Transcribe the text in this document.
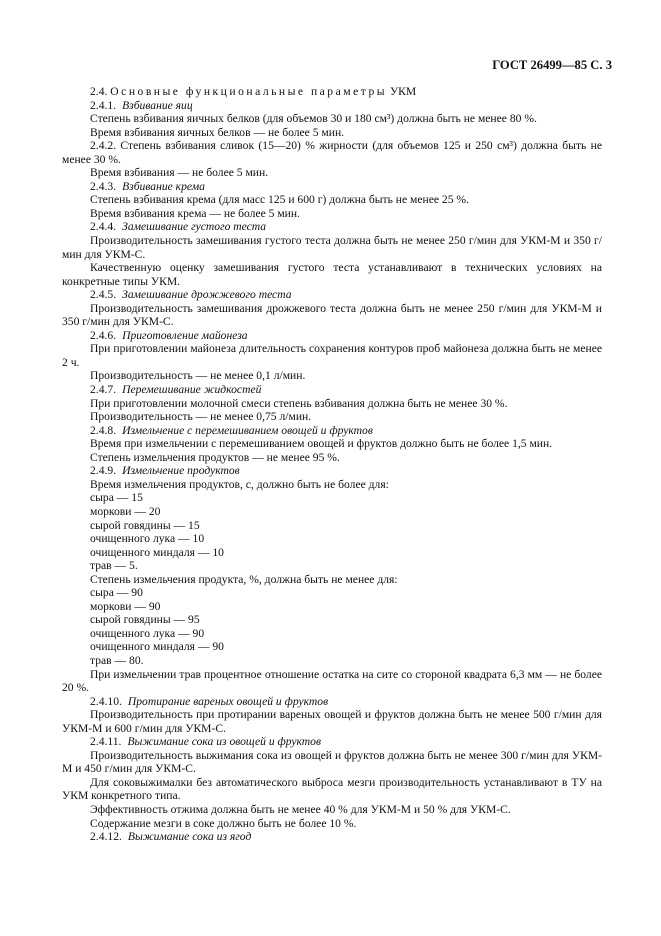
ГОСТ 26499—85 С. 3

2.4. Основные функциональные параметры УКМ

2.4.1. Взбивание яиц

Степень взбивания яичных белков (для объемов 30 и 180 см³) должна быть не менее 80 %.

Время взбивания яичных белков — не более 5 мин.

2.4.2. Степень взбивания сливок (15—20) % жирности (для объемов 125 и 250 см³) должна быть не менее 30 %.

Время взбивания — не более 5 мин.

2.4.3. Взбивание крема

Степень взбивания крема (для масс 125 и 600 г) должна быть не менее 25 %.

Время взбивания крема — не более 5 мин.

2.4.4. Замешивание густого теста

Производительность замешивания густого теста должна быть не менее 250 г/мин для УКМ-М и 350 г/мин для УКМ-С.

Качественную оценку замешивания густого теста устанавливают в технических условиях на конкретные типы УКМ.

2.4.5. Замешивание дрожжевого теста

Производительность замешивания дрожжевого теста должна быть не менее 250 г/мин для УКМ-М и 350 г/мин для УКМ-С.

2.4.6. Приготовление майонеза

При приготовлении майонеза длительность сохранения контуров проб майонеза должна быть не менее 2 ч.

Производительность — не менее 0,1 л/мин.

2.4.7. Перемешивание жидкостей

При приготовлении молочной смеси степень взбивания должна быть не менее 30 %.

Производительность — не менее 0,75 л/мин.

2.4.8. Измельчение с перемешиванием овощей и фруктов

Время при измельчении с перемешиванием овощей и фруктов должно быть не более 1,5 мин.

Степень измельчения продуктов — не менее 95 %.

2.4.9. Измельчение продуктов

Время измельчения продуктов, с, должно быть не более для:

сыра — 15

моркови — 20

сырой говядины — 15

очищенного лука — 10

очищенного миндаля — 10

трав — 5.

Степень измельчения продукта, %, должна быть не менее для:

сыра — 90

моркови — 90

сырой говядины — 95

очищенного лука — 90

очищенного миндаля — 90

трав — 80.

При измельчении трав процентное отношение остатка на сите со стороной квадрата 6,3 мм — не более 20 %.

2.4.10. Протирание вареных овощей и фруктов

Производительность при протирании вареных овощей и фруктов должна быть не менее 500 г/мин для УКМ-М и 600 г/мин для УКМ-С.

2.4.11. Выжимание сока из овощей и фруктов

Производительность выжимания сока из овощей и фруктов должна быть не менее 300 г/мин для УКМ-М и 450 г/мин для УКМ-С.

Для соковыжималки без автоматического выброса мезги производительность устанавливают в ТУ на УКМ конкретного типа.

Эффективность отжима должна быть не менее 40 % для УКМ-М и 50 % для УКМ-С.

Содержание мезги в соке должно быть не более 10 %.

2.4.12. Выжимание сока из ягод
